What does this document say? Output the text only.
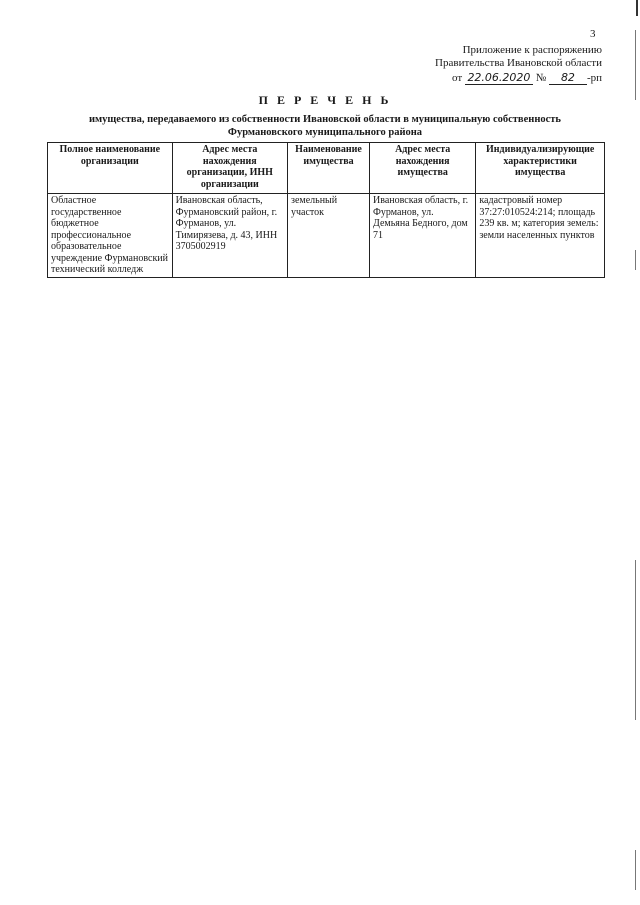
3
Приложение к распоряжению
Правительства Ивановской области
от 22.06.2020 № 82 -рп
П Е Р Е Ч Е Н Ь
имущества, передаваемого из собственности Ивановской области в муниципальную собственность
Фурмановского муниципального района
Полное наименование организации	Адрес места нахождения организации, ИНН организации	Наименование имущества	Адрес места нахождения имущества	Индивидуализирующие характеристики имущества
Областное государственное бюджетное профессиональное образовательное учреждение Фурмановский технический колледж	Ивановская область, Фурмановский район, г. Фурманов, ул. Тимирязева, д. 43, ИНН 3705002919	земельный участок	Ивановская область, г. Фурманов, ул. Демьяна Бедного, дом 71	кадастровый номер 37:27:010524:214; площадь 239 кв. м; категория земель: земли населенных пунктов
